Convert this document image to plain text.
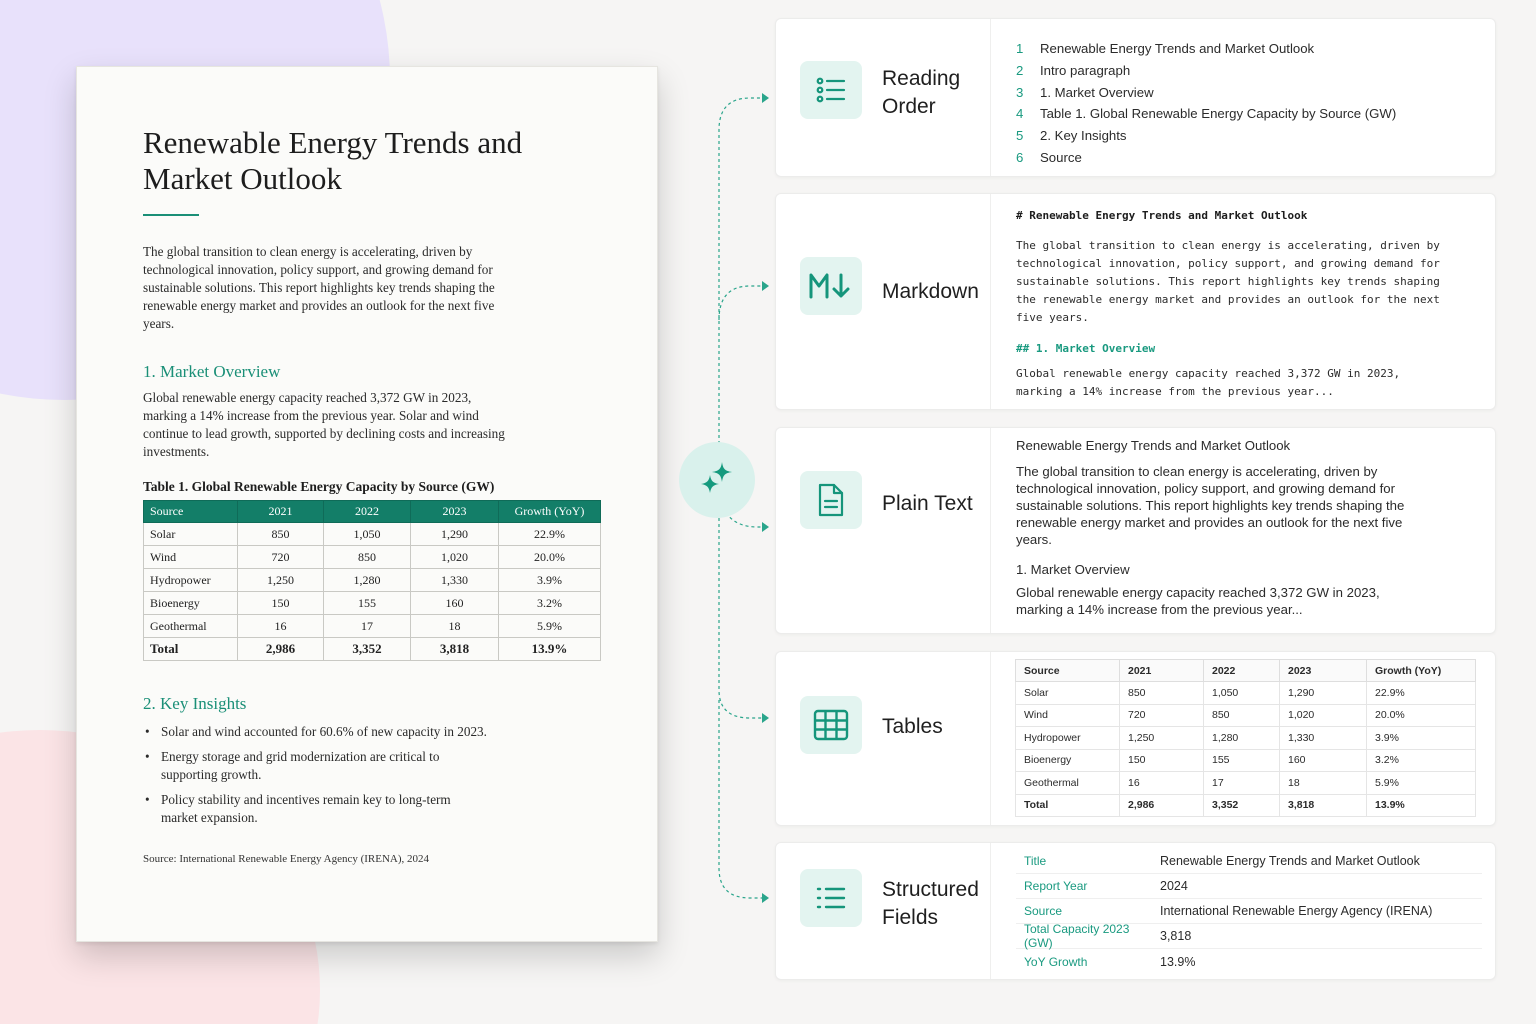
Renewable Energy Trends and Market Outlook
The global transition to clean energy is accelerating, driven by technological innovation, policy support, and growing demand for sustainable solutions. This report highlights key trends shaping the renewable energy market and provides an outlook for the next five years.
1. Market Overview
Global renewable energy capacity reached 3,372 GW in 2023, marking a 14% increase from the previous year. Solar and wind continue to lead growth, supported by declining costs and increasing investments.
Table 1. Global Renewable Energy Capacity by Source (GW)
Source	2021	2022	2023	Growth (YoY)
Solar	850	1,050	1,290	22.9%
Wind	720	850	1,020	20.0%
Hydropower	1,250	1,280	1,330	3.9%
Bioenergy	150	155	160	3.2%
Geothermal	16	17	18	5.9%
Total	2,986	3,352	3,818	13.9%
2. Key Insights
• Solar and wind accounted for 60.6% of new capacity in 2023.
• Energy storage and grid modernization are critical to supporting growth.
• Policy stability and incentives remain key to long-term market expansion.
Source: International Renewable Energy Agency (IRENA), 2024
Reading Order
1	Renewable Energy Trends and Market Outlook
2	Intro paragraph
3	1. Market Overview
4	Table 1. Global Renewable Energy Capacity by Source (GW)
5	2. Key Insights
6	Source
Markdown
# Renewable Energy Trends and Market Outlook
The global transition to clean energy is accelerating, driven by technological innovation, policy support, and growing demand for sustainable solutions. This report highlights key trends shaping the renewable energy market and provides an outlook for the next five years.
## 1. Market Overview
Global renewable energy capacity reached 3,372 GW in 2023, marking a 14% increase from the previous year...
Plain Text
Renewable Energy Trends and Market Outlook
The global transition to clean energy is accelerating, driven by technological innovation, policy support, and growing demand for sustainable solutions. This report highlights key trends shaping the renewable energy market and provides an outlook for the next five years.
1. Market Overview
Global renewable energy capacity reached 3,372 GW in 2023, marking a 14% increase from the previous year...
Tables
Source	2021	2022	2023	Growth (YoY)
Solar	850	1,050	1,290	22.9%
Wind	720	850	1,020	20.0%
Hydropower	1,250	1,280	1,330	3.9%
Bioenergy	150	155	160	3.2%
Geothermal	16	17	18	5.9%
Total	2,986	3,352	3,818	13.9%
Structured Fields
Title	Renewable Energy Trends and Market Outlook
Report Year	2024
Source	International Renewable Energy Agency (IRENA)
Total Capacity 2023 (GW)	3,818
YoY Growth	13.9%
